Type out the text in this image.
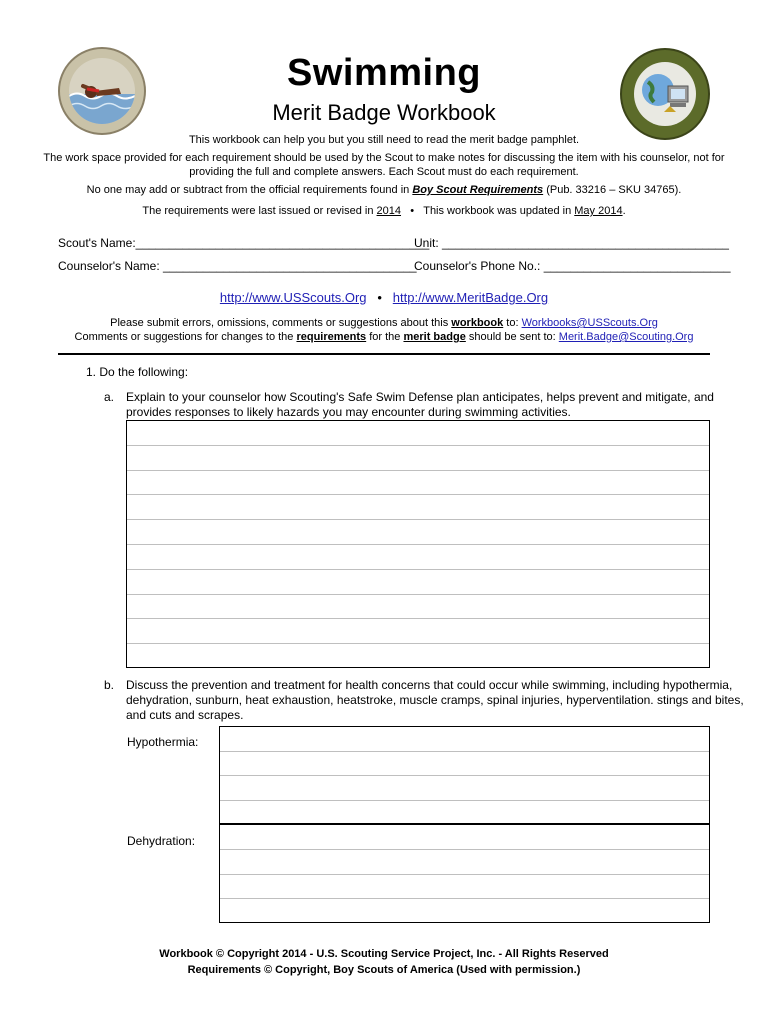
Swimming
Merit Badge Workbook
This workbook can help you but you still need to read the merit badge pamphlet.
The work space provided for each requirement should be used by the Scout to make notes for discussing the item with his counselor, not for
providing the full and complete answers. Each Scout must do each requirement.
No one may add or subtract from the official requirements found in Boy Scout Requirements (Pub. 33216 – SKU 34765).
The requirements were last issued or revised in 2014 • This workbook was updated in May 2014.
Scout's Name:____________________________________________
Unit: ___________________________________________
Counselor's Name: ______________________________________
Counselor's Phone No.: ____________________________
http://www.USScouts.Org • http://www.MeritBadge.Org
Please submit errors, omissions, comments or suggestions about this workbook to: Workbooks@USScouts.Org
Comments or suggestions for changes to the requirements for the merit badge should be sent to: Merit.Badge@Scouting.Org
1. Do the following:
a. Explain to your counselor how Scouting's Safe Swim Defense plan anticipates, helps prevent and mitigate, and
provides responses to likely hazards you may encounter during swimming activities.
b. Discuss the prevention and treatment for health concerns that could occur while swimming, including hypothermia,
dehydration, sunburn, heat exhaustion, heatstroke, muscle cramps, spinal injuries, hyperventilation. stings and bites,
and cuts and scrapes.
Hypothermia:
Dehydration:
Workbook © Copyright 2014 - U.S. Scouting Service Project, Inc. - All Rights Reserved
Requirements © Copyright, Boy Scouts of America (Used with permission.)
